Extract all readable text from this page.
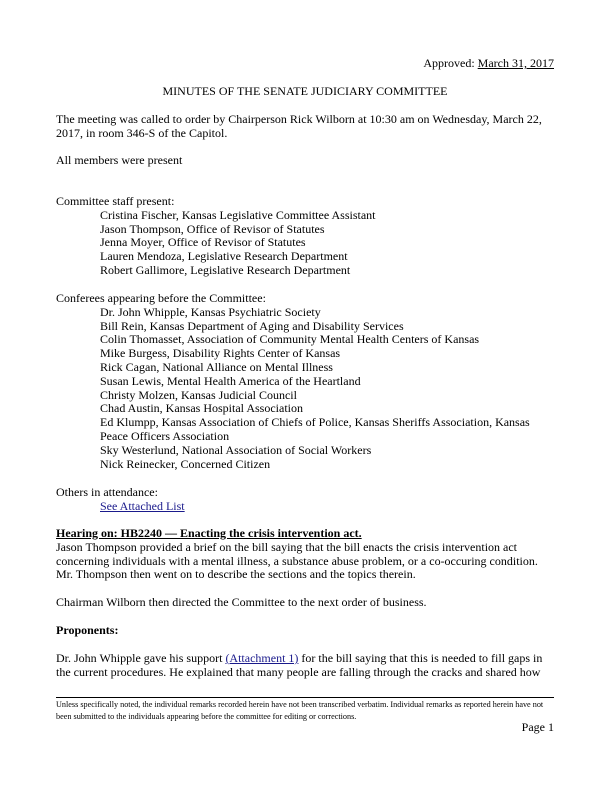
Approved: March 31, 2017
MINUTES OF THE SENATE JUDICIARY COMMITTEE

The meeting was called to order by Chairperson Rick Wilborn at 10:30 am on Wednesday, March 22, 2017, in room 346-S of the Capitol.

All members were present

Committee staff present:

Cristina Fischer, Kansas Legislative Committee Assistant

Jason Thompson, Office of Revisor of Statutes

Jenna Moyer, Office of Revisor of Statutes

Lauren Mendoza, Legislative Research Department

Robert Gallimore, Legislative Research Department

Conferees appearing before the Committee:

Dr. John Whipple, Kansas Psychiatric Society

Bill Rein, Kansas Department of Aging and Disability Services

Colin Thomasset, Association of Community Mental Health Centers of Kansas

Mike Burgess, Disability Rights Center of Kansas

Rick Cagan, National Alliance on Mental Illness

Susan Lewis, Mental Health America of the Heartland

Christy Molzen, Kansas Judicial Council

Chad Austin, Kansas Hospital Association

Ed Klumpp, Kansas Association of Chiefs of Police, Kansas Sheriffs Association, Kansas Peace Officers Association

Sky Westerlund, National Association of Social Workers

Nick Reinecker, Concerned Citizen

Others in attendance:

See Attached List

Hearing on: HB2240 — Enacting the crisis intervention act.

Jason Thompson provided a brief on the bill saying that the bill enacts the crisis intervention act concerning individuals with a mental illness, a substance abuse problem, or a co-occuring condition. Mr. Thompson then went on to describe the sections and the topics therein.

Chairman Wilborn then directed the Committee to the next order of business.

Proponents:

Dr. John Whipple gave his support (Attachment 1) for the bill saying that this is needed to fill gaps in the current procedures. He explained that many people are falling through the cracks and shared how

Unless specifically noted, the individual remarks recorded herein have not been transcribed verbatim. Individual remarks as reported herein have not been submitted to the individuals appearing before the committee for editing or corrections.
Page 1
